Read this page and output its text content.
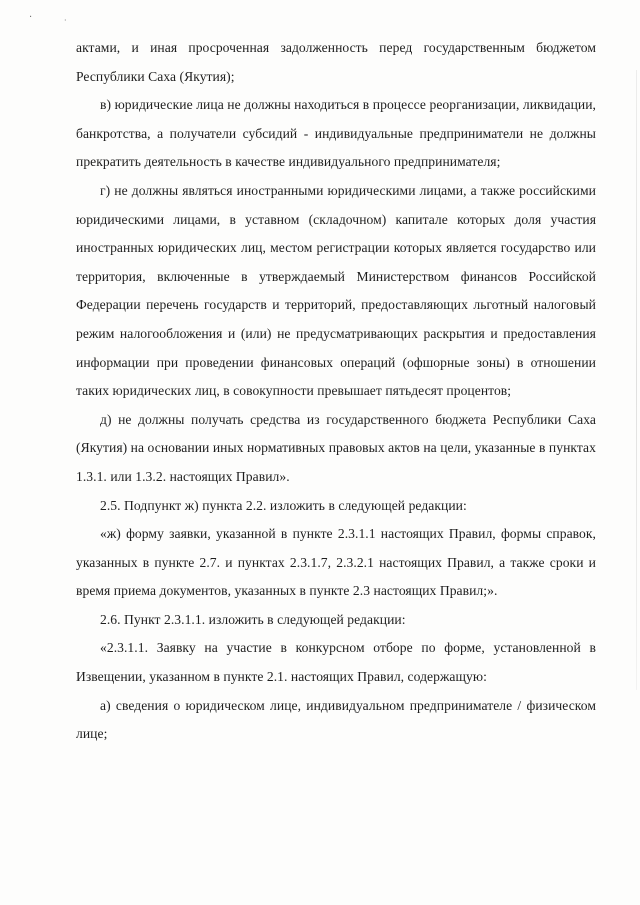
·	·

актами, и иная просроченная задолженность перед государственным бюджетом Республики Саха (Якутия);

в) юридические лица не должны находиться в процессе реорганизации, ликвидации, банкротства, а получатели субсидий - индивидуальные предприниматели не должны прекратить деятельность в качестве индивидуального предпринимателя;

г) не должны являться иностранными юридическими лицами, а также российскими юридическими лицами, в уставном (складочном) капитале которых доля участия иностранных юридических лиц, местом регистрации которых является государство или территория, включенные в утверждаемый Министерством финансов Российской Федерации перечень государств и территорий, предоставляющих льготный налоговый режим налогообложения и (или) не предусматривающих раскрытия и предоставления информации при проведении финансовых операций (офшорные зоны) в отношении таких юридических лиц, в совокупности превышает пятьдесят процентов;

д) не должны получать средства из государственного бюджета Республики Саха (Якутия) на основании иных нормативных правовых актов на цели, указанные в пунктах 1.3.1. или 1.3.2. настоящих Правил».

2.5. Подпункт ж) пункта 2.2. изложить в следующей редакции:

«ж) форму заявки, указанной в пункте 2.3.1.1 настоящих Правил, формы справок, указанных в пункте 2.7. и пунктах 2.3.1.7, 2.3.2.1 настоящих Правил, а также сроки и время приема документов, указанных в пункте 2.3 настоящих Правил;».

2.6. Пункт 2.3.1.1. изложить в следующей редакции:

«2.3.1.1. Заявку на участие в конкурсном отборе по форме, установленной в Извещении, указанном в пункте 2.1. настоящих Правил, содержащую:

а) сведения о юридическом лице, индивидуальном предпринимателе / физическом лице;
